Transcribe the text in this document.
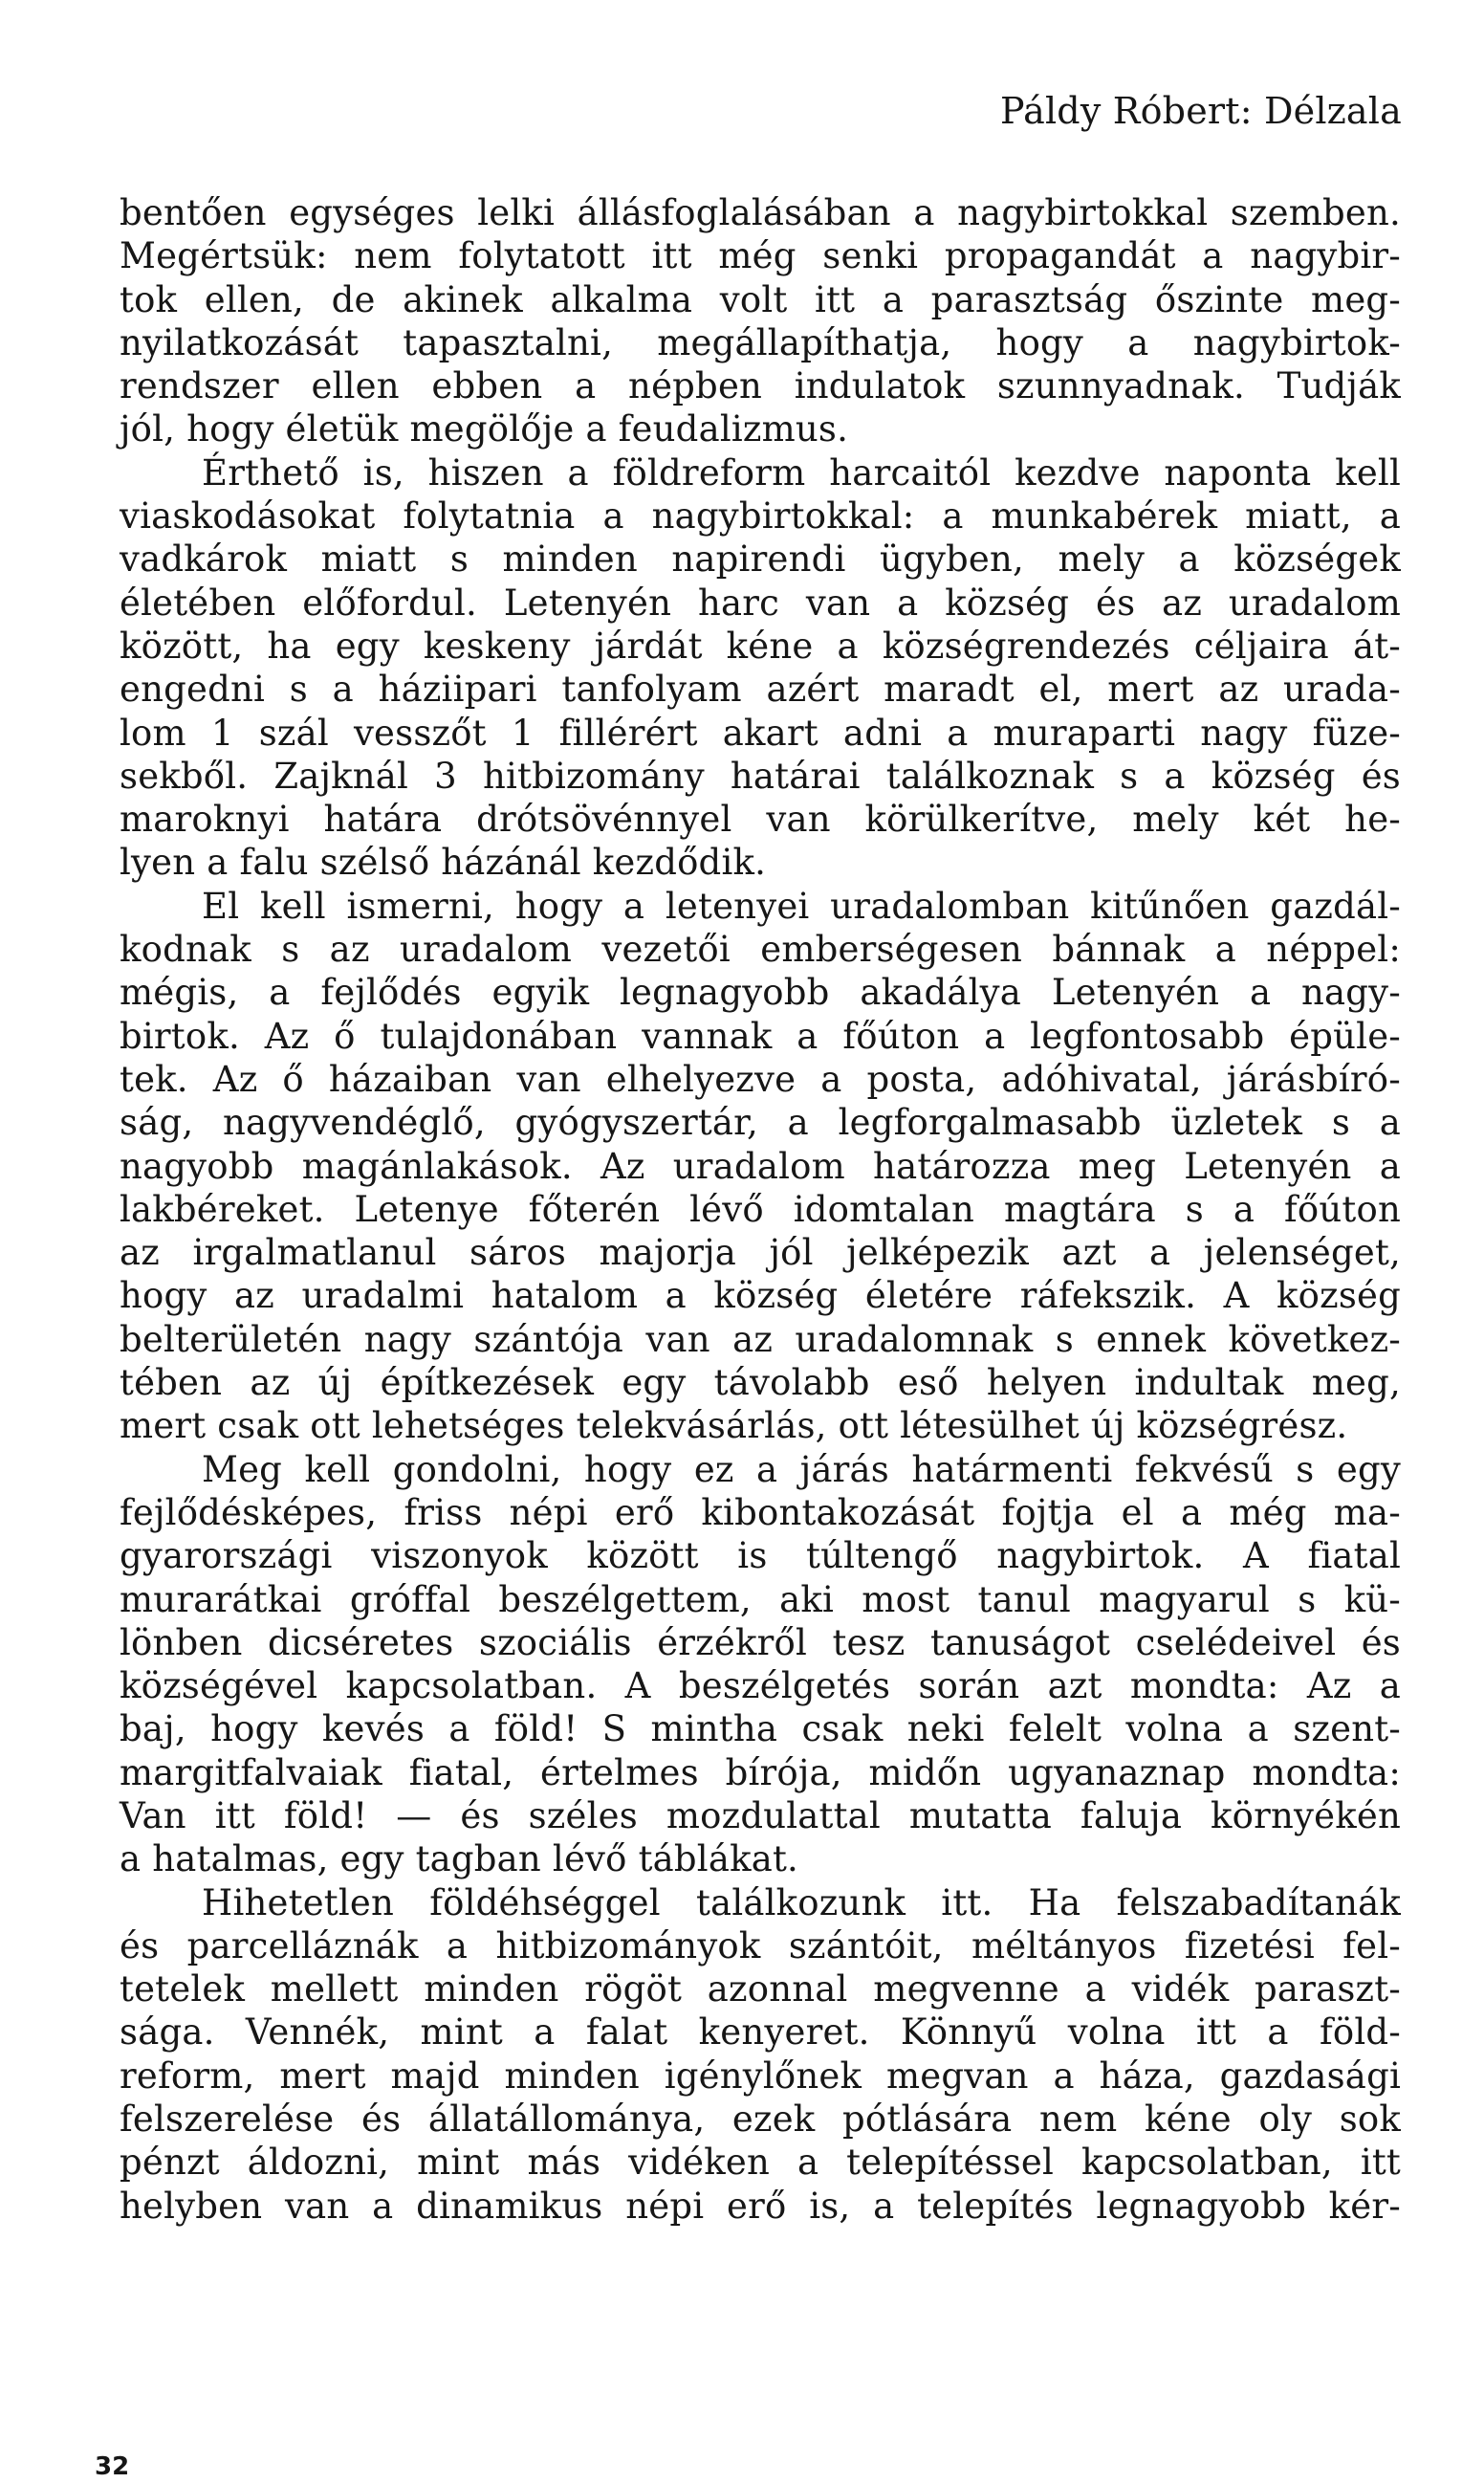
Páldy Róbert: Délzala
bentően egységes lelki állásfoglalásában a nagybirtokkal szemben.
Megértsük: nem folytatott itt még senki propagandát a nagybir-
tok ellen, de akinek alkalma volt itt a parasztság őszinte meg-
nyilatkozását tapasztalni, megállapíthatja, hogy a nagybirtok-
rendszer ellen ebben a népben indulatok szunnyadnak. Tudják
jól, hogy életük megölője a feudalizmus.
Érthető is, hiszen a földreform harcaitól kezdve naponta kell
viaskodásokat folytatnia a nagybirtokkal: a munkabérek miatt, a
vadkárok miatt s minden napirendi ügyben, mely a községek
életében előfordul. Letenyén harc van a község és az uradalom
között, ha egy keskeny járdát kéne a községrendezés céljaira át-
engedni s a háziipari tanfolyam azért maradt el, mert az urada-
lom 1 szál vesszőt 1 fillérért akart adni a muraparti nagy füze-
sekből. Zajknál 3 hitbizomány határai találkoznak s a község és
maroknyi határa drótsövénnyel van körülkerítve, mely két he-
lyen a falu szélső házánál kezdődik.
El kell ismerni, hogy a letenyei uradalomban kitűnően gazdál-
kodnak s az uradalom vezetői emberségesen bánnak a néppel:
mégis, a fejlődés egyik legnagyobb akadálya Letenyén a nagy-
birtok. Az ő tulajdonában vannak a főúton a legfontosabb épüle-
tek. Az ő házaiban van elhelyezve a posta, adóhivatal, járásbíró-
ság, nagyvendéglő, gyógyszertár, a legforgalmasabb üzletek s a
nagyobb magánlakások. Az uradalom határozza meg Letenyén a
lakbéreket. Letenye főterén lévő idomtalan magtára s a főúton
az irgalmatlanul sáros majorja jól jelképezik azt a jelenséget,
hogy az uradalmi hatalom a község életére ráfekszik. A község
belterületén nagy szántója van az uradalomnak s ennek következ-
tében az új építkezések egy távolabb eső helyen indultak meg,
mert csak ott lehetséges telekvásárlás, ott létesülhet új községrész.
Meg kell gondolni, hogy ez a járás határmenti fekvésű s egy
fejlődésképes, friss népi erő kibontakozását fojtja el a még ma-
gyarországi viszonyok között is túltengő nagybirtok. A fiatal
murarátkai gróffal beszélgettem, aki most tanul magyarul s kü-
lönben dicséretes szociális érzékről tesz tanuságot cselédeivel és
községével kapcsolatban. A beszélgetés során azt mondta: Az a
baj, hogy kevés a föld! S mintha csak neki felelt volna a szent-
margitfalvaiak fiatal, értelmes bírója, midőn ugyanaznap mondta:
Van itt föld! — és széles mozdulattal mutatta faluja környékén
a hatalmas, egy tagban lévő táblákat.
Hihetetlen földéhséggel találkozunk itt. Ha felszabadítanák
és parcelláznák a hitbizományok szántóit, méltányos fizetési fel-
tetelek mellett minden rögöt azonnal megvenne a vidék paraszt-
sága. Vennék, mint a falat kenyeret. Könnyű volna itt a föld-
reform, mert majd minden igénylőnek megvan a háza, gazdasági
felszerelése és állatállománya, ezek pótlására nem kéne oly sok
pénzt áldozni, mint más vidéken a telepítéssel kapcsolatban, itt
helyben van a dinamikus népi erő is, a telepítés legnagyobb kér-
32
